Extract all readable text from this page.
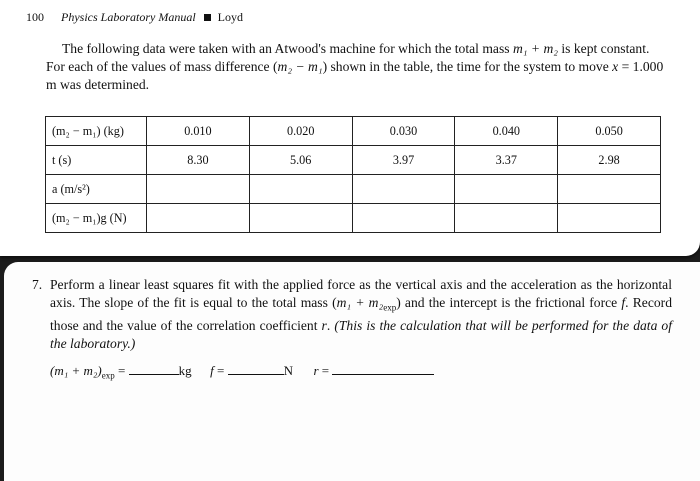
100 Physics Laboratory Manual Loyd

The following data were taken with an Atwood's machine for which the total mass m₁ + m₂ is kept constant. For each of the values of mass difference (m₂ − m₁) shown in the table, the time for the system to move x = 1.000 m was determined.

(m₂ − m₁) (kg)	0.010	0.020	0.030	0.040	0.050
t (s)	8.30	5.06	3.97	3.37	2.98
a (m/s²)					
(m₂ − m₁)g (N)					
7. Perform a linear least squares fit with the applied force as the vertical axis and the acceleration as the horizontal axis. The slope of the fit is equal to the total mass $(m_1 + m_2_{exp})$ and the intercept is the frictional force f. Record those and the value of the correlation coefficient r. (This is the calculation that will be performed for the data of the laboratory.)
$(m_1 + m_2)_{exp}$ =	kg f =	N r =
